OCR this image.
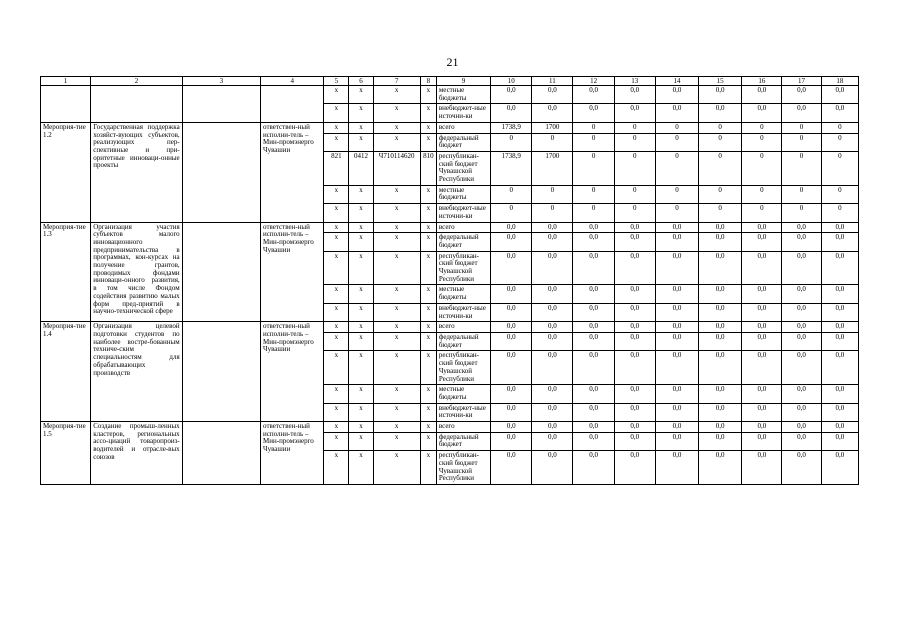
21
1	2	3	4	5	6	7	8	9	10	11	12	13	14	15	16	17	18
				x	x	x	x	местные бюджеты	0,0	0,0	0,0	0,0	0,0	0,0	0,0	0,0	0,0
				x	x	x	x	внебюджет-ные источни-ки	0,0	0,0	0,0	0,0	0,0	0,0	0,0	0,0	0,0
Мероприя-тие 1.2	Государственная поддержка хозяйст-вующих субъектов, реализующих пер-спективные и при-оритетные инноваци-онные проекты		ответствен-ный исполни-тель – Мин-промэнерго Чувашии	x	x	x	x	всего	1738,9	1700	0	0	0	0	0	0	0
				x	x	x	x	федеральный бюджет	0	0	0	0	0	0	0	0	0
				821	0412	Ч710114620	810	республикан-ский бюджет Чувашской Республики	1738,9	1700	0	0	0	0	0	0	0
				x	x	x	x	местные бюджеты	0	0	0	0	0	0	0	0	0
				x	x	x	x	внебюджет-ные источни-ки	0	0	0	0	0	0	0	0	0
Мероприя-тие 1.3	Организация участия субъектов малого инновационного предпринимательства в программах, кон-курсах на получение грантов, проводимых фондами инноваци-онного развития, в том числе Фондом содействия развитию малых форм пред-приятий в научно-технической сфере		ответствен-ный исполни-тель – Мин-промэнерго Чувашии	x	x	x	x	всего	0,0	0,0	0,0	0,0	0,0	0,0	0,0	0,0	0,0
				x	x	x	x	федеральный бюджет	0,0	0,0	0,0	0,0	0,0	0,0	0,0	0,0	0,0
				x	x	x	x	республикан-ский бюджет Чувашской Республики	0,0	0,0	0,0	0,0	0,0	0,0	0,0	0,0	0,0
				x	x	x	x	местные бюджеты	0,0	0,0	0,0	0,0	0,0	0,0	0,0	0,0	0,0
				x	x	x	x	внебюджет-ные источни-ки	0,0	0,0	0,0	0,0	0,0	0,0	0,0	0,0	0,0
Мероприя-тие 1.4	Организация целевой подготовки студентов по наиболее востре-бованным техниче-ским специальностям для обрабатывающих производств		ответствен-ный исполни-тель – Мин-промэнерго Чувашии	x	x	x	x	всего	0,0	0,0	0,0	0,0	0,0	0,0	0,0	0,0	0,0
				x	x	x	x	федеральный бюджет	0,0	0,0	0,0	0,0	0,0	0,0	0,0	0,0	0,0
				x	x	x	x	республикан-ский бюджет Чувашской Республики	0,0	0,0	0,0	0,0	0,0	0,0	0,0	0,0	0,0
				x	x	x	x	местные бюджеты	0,0	0,0	0,0	0,0	0,0	0,0	0,0	0,0	0,0
				x	x	x	x	внебюджет-ные источни-ки	0,0	0,0	0,0	0,0	0,0	0,0	0,0	0,0	0,0
Мероприя-тие 1.5	Создание промыш-ленных кластеров, региональных ассо-циаций товаропроиз-водителей и отраслe-вых союзов		ответствен-ный исполни-тель – Мин-промэнерго Чувашии	x	x	x	x	всего	0,0	0,0	0,0	0,0	0,0	0,0	0,0	0,0	0,0
				x	x	x	x	федеральный бюджет	0,0	0,0	0,0	0,0	0,0	0,0	0,0	0,0	0,0
				x	x	x	x	республикан-ский бюджет Чувашской Республики	0,0	0,0	0,0	0,0	0,0	0,0	0,0	0,0	0,0
